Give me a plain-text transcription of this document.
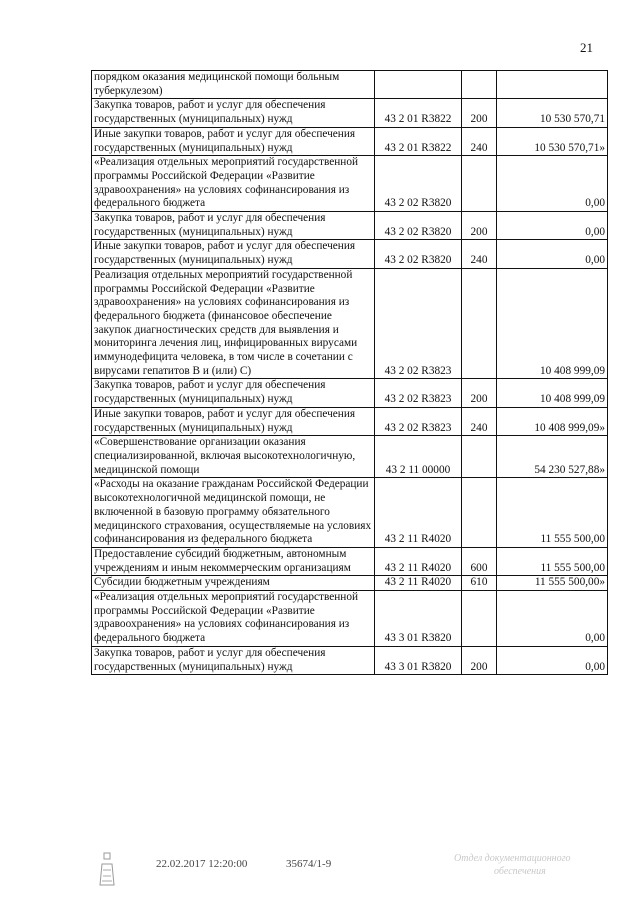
21
порядком оказания медицинской помощи больным туберкулезом)			
Закупка товаров, работ и услуг для обеспечения государственных (муниципальных) нужд	43 2 01 R3822	200	10 530 570,71
Иные закупки товаров, работ и услуг для обеспечения государственных (муниципальных) нужд	43 2 01 R3822	240	10 530 570,71»
«Реализация отдельных мероприятий государственной программы Российской Федерации «Развитие здравоохранения» на условиях софинансирования из федерального бюджета	43 2 02 R3820		0,00
Закупка товаров, работ и услуг для обеспечения государственных (муниципальных) нужд	43 2 02 R3820	200	0,00
Иные закупки товаров, работ и услуг для обеспечения государственных (муниципальных) нужд	43 2 02 R3820	240	0,00
Реализация отдельных мероприятий государственной программы Российской Федерации «Развитие здравоохранения» на условиях софинансирования из федерального бюджета (финансовое обеспечение закупок диагностических средств для выявления и мониторинга лечения лиц, инфицированных вирусами иммунодефицита человека, в том числе в сочетании с вирусами гепатитов В и (или) С)	43 2 02 R3823		10 408 999,09
Закупка товаров, работ и услуг для обеспечения государственных (муниципальных) нужд	43 2 02 R3823	200	10 408 999,09
Иные закупки товаров, работ и услуг для обеспечения государственных (муниципальных) нужд	43 2 02 R3823	240	10 408 999,09»
«Совершенствование организации оказания специализированной, включая высокотехнологичную, медицинской помощи	43 2 11 00000		54 230 527,88»
«Расходы на оказание гражданам Российской Федерации высокотехнологичной медицинской помощи, не включенной в базовую программу обязательного медицинского страхования, осуществляемые на условиях софинансирования из федерального бюджета	43 2 11 R4020		11 555 500,00
Предоставление субсидий бюджетным, автономным учреждениям и иным некоммерческим организациям	43 2 11 R4020	600	11 555 500,00
Субсидии бюджетным учреждениям	43 2 11 R4020	610	11 555 500,00»
«Реализация отдельных мероприятий государственной программы Российской Федерации «Развитие здравоохранения» на условиях софинансирования из федерального бюджета	43 3 01 R3820		0,00
Закупка товаров, работ и услуг для обеспечения государственных (муниципальных) нужд	43 3 01 R3820	200	0,00
22.02.2017 12:20:00	35674/1-9	Отдел документационного
обеспечения
